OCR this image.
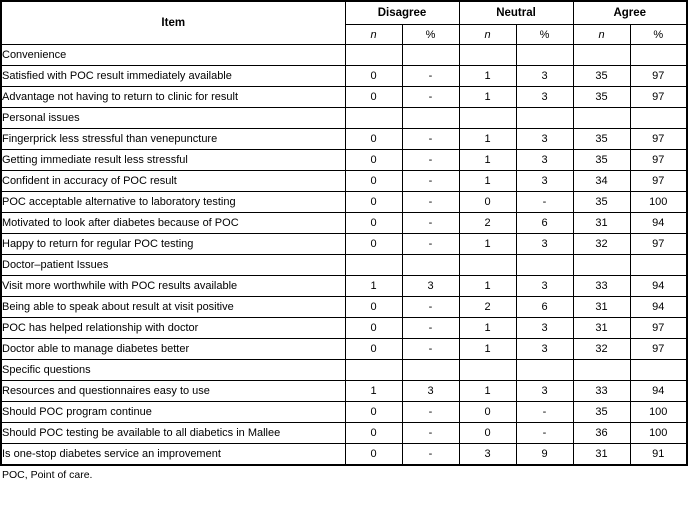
Item	Disagree		Neutral		Agree	
	n	%	n	%	n	%
Convenience						
Satisfied with POC result immediately available	0	-	1	3	35	97
Advantage not having to return to clinic for result	0	-	1	3	35	97
Personal issues						
Fingerprick less stressful than venepuncture	0	-	1	3	35	97
Getting immediate result less stressful	0	-	1	3	35	97
Confident in accuracy of POC result	0	-	1	3	34	97
POC acceptable alternative to laboratory testing	0	-	0	-	35	100
Motivated to look after diabetes because of POC	0	-	2	6	31	94
Happy to return for regular POC testing	0	-	1	3	32	97
Doctor–patient Issues						
Visit more worthwhile with POC results available	1	3	1	3	33	94
Being able to speak about result at visit positive	0	-	2	6	31	94
POC has helped relationship with doctor	0	-	1	3	31	97
Doctor able to manage diabetes better	0	-	1	3	32	97
Specific questions						
Resources and questionnaires easy to use	1	3	1	3	33	94
Should POC program continue	0	-	0	-	35	100
Should POC testing be available to all diabetics in Mallee	0	-	0	-	36	100
Is one-stop diabetes service an improvement	0	-	3	9	31	91
POC, Point of care.
